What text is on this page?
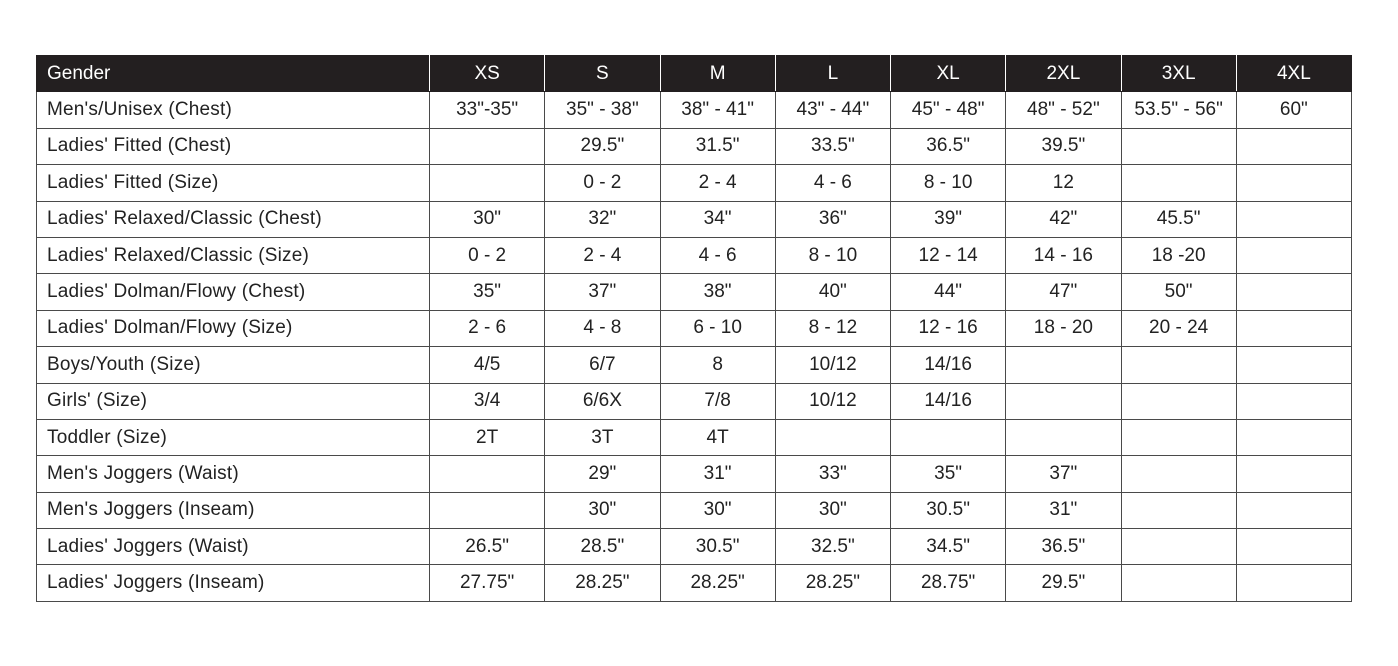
Gender	XS	S	M	L	XL	2XL	3XL	4XL
Men's/Unisex (Chest)	33"-35"	35" - 38"	38" - 41"	43" - 44"	45" - 48"	48" - 52"	53.5" - 56"	60"
Ladies' Fitted (Chest)		29.5"	31.5"	33.5"	36.5"	39.5"		
Ladies' Fitted (Size)		0 - 2	2 - 4	4 - 6	8 - 10	12		
Ladies' Relaxed/Classic (Chest)	30"	32"	34"	36"	39"	42"	45.5"	
Ladies' Relaxed/Classic (Size)	0 - 2	2 - 4	4 - 6	8 - 10	12 - 14	14 - 16	18 -20	
Ladies' Dolman/Flowy (Chest)	35"	37"	38"	40"	44"	47"	50"	
Ladies' Dolman/Flowy (Size)	2 - 6	4 - 8	6 - 10	8 - 12	12 - 16	18 - 20	20 - 24	
Boys/Youth (Size)	4/5	6/7	8	10/12	14/16			
Girls' (Size)	3/4	6/6X	7/8	10/12	14/16			
Toddler (Size)	2T	3T	4T					
Men's Joggers (Waist)		29"	31"	33"	35"	37"		
Men's Joggers (Inseam)		30"	30"	30"	30.5"	31"		
Ladies' Joggers (Waist)	26.5"	28.5"	30.5"	32.5"	34.5"	36.5"		
Ladies' Joggers (Inseam)	27.75"	28.25"	28.25"	28.25"	28.75"	29.5"		
